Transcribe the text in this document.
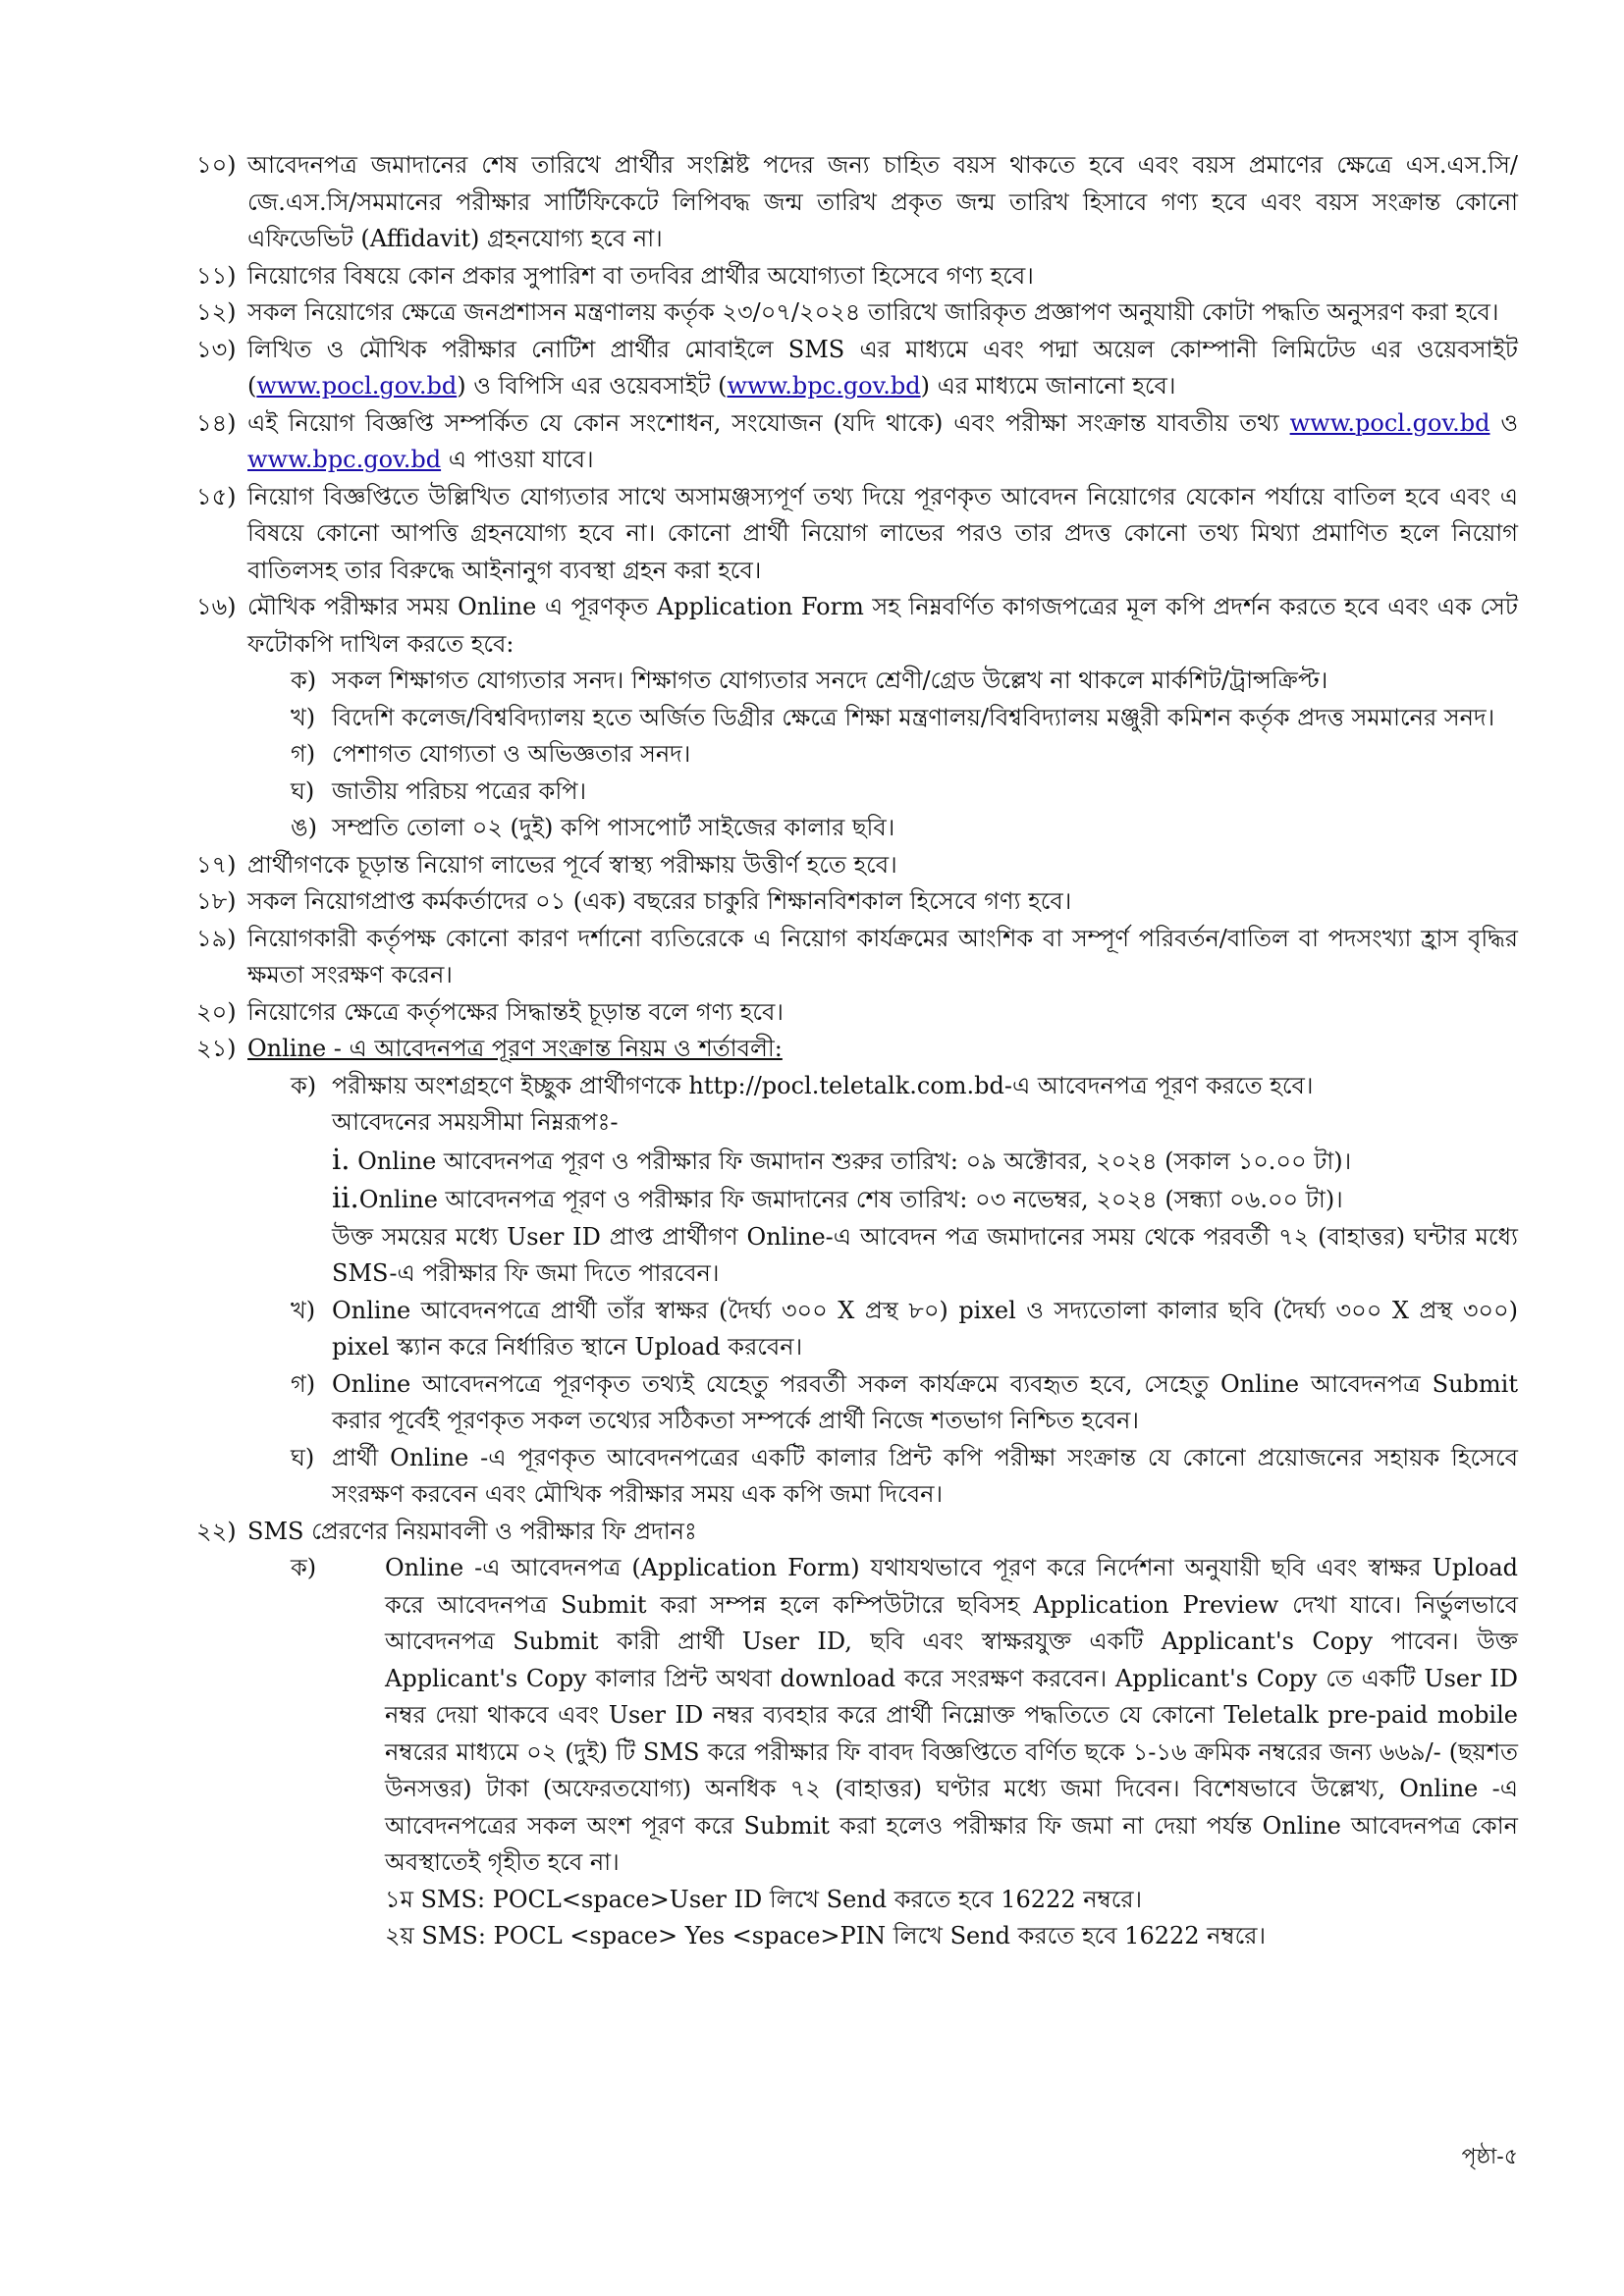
১০) আবেদনপত্র জমাদানের শেষ তারিখে প্রার্থীর সংশ্লিষ্ট পদের জন্য চাহিত বয়স থাকতে হবে এবং বয়স প্রমাণের ক্ষেত্রে এস.এস.সি/জে.এস.সি/সমমানের পরীক্ষার সার্টিফিকেটে লিপিবদ্ধ জন্ম তারিখ প্রকৃত জন্ম তারিখ হিসাবে গণ্য হবে এবং বয়স সংক্রান্ত কোনো এফিডেভিট (Affidavit) গ্রহনযোগ্য হবে না।
১১) নিয়োগের বিষয়ে কোন প্রকার সুপারিশ বা তদবির প্রার্থীর অযোগ্যতা হিসেবে গণ্য হবে।
১২) সকল নিয়োগের ক্ষেত্রে জনপ্রশাসন মন্ত্রণালয় কর্তৃক ২৩/০৭/২০২৪ তারিখে জারিকৃত প্রজ্ঞাপণ অনুযায়ী কোটা পদ্ধতি অনুসরণ করা হবে।
১৩) লিখিত ও মৌখিক পরীক্ষার নোটিশ প্রার্থীর মোবাইলে SMS এর মাধ্যমে এবং পদ্মা অয়েল কোম্পানী লিমিটেড এর ওয়েবসাইট (www.pocl.gov.bd) ও বিপিসি এর ওয়েবসাইট (www.bpc.gov.bd) এর মাধ্যমে জানানো হবে।
১৪) এই নিয়োগ বিজ্ঞপ্তি সম্পর্কিত যে কোন সংশোধন, সংযোজন (যদি থাকে) এবং পরীক্ষা সংক্রান্ত যাবতীয় তথ্য www.pocl.gov.bd ও www.bpc.gov.bd এ পাওয়া যাবে।
১৫) নিয়োগ বিজ্ঞপ্তিতে উল্লিখিত যোগ্যতার সাথে অসামঞ্জস্যপূর্ণ তথ্য দিয়ে পূরণকৃত আবেদন নিয়োগের যেকোন পর্যায়ে বাতিল হবে এবং এ বিষয়ে কোনো আপত্তি গ্রহনযোগ্য হবে না। কোনো প্রার্থী নিয়োগ লাভের পরও তার প্রদত্ত কোনো তথ্য মিথ্যা প্রমাণিত হলে নিয়োগ বাতিলসহ তার বিরুদ্ধে আইনানুগ ব্যবস্থা গ্রহন করা হবে।
১৬) মৌখিক পরীক্ষার সময় Online এ পূরণকৃত Application Form সহ নিম্নবর্ণিত কাগজপত্রের মূল কপি প্রদর্শন করতে হবে এবং এক সেট ফটোকপি দাখিল করতে হবে:
ক) সকল শিক্ষাগত যোগ্যতার সনদ। শিক্ষাগত যোগ্যতার সনদে শ্রেণী/গ্রেড উল্লেখ না থাকলে মার্কশিট/ট্রান্সক্রিপ্ট।
খ) বিদেশি কলেজ/বিশ্ববিদ্যালয় হতে অর্জিত ডিগ্রীর ক্ষেত্রে শিক্ষা মন্ত্রণালয়/বিশ্ববিদ্যালয় মঞ্জুরী কমিশন কর্তৃক প্রদত্ত সমমানের সনদ।
গ) পেশাগত যোগ্যতা ও অভিজ্ঞতার সনদ।
ঘ) জাতীয় পরিচয় পত্রের কপি।
ঙ) সম্প্রতি তোলা ০২ (দুই) কপি পাসপোর্ট সাইজের কালার ছবি।
১৭) প্রার্থীগণকে চূড়ান্ত নিয়োগ লাভের পূর্বে স্বাস্থ্য পরীক্ষায় উত্তীর্ণ হতে হবে।
১৮) সকল নিয়োগপ্রাপ্ত কর্মকর্তাদের ০১ (এক) বছরের চাকুরি শিক্ষানবিশকাল হিসেবে গণ্য হবে।
১৯) নিয়োগকারী কর্তৃপক্ষ কোনো কারণ দর্শানো ব্যতিরেকে এ নিয়োগ কার্যক্রমের আংশিক বা সম্পূর্ণ পরিবর্তন/বাতিল বা পদসংখ্যা হ্রাস বৃদ্ধির ক্ষমতা সংরক্ষণ করেন।
২০) নিয়োগের ক্ষেত্রে কর্তৃপক্ষের সিদ্ধান্তই চূড়ান্ত বলে গণ্য হবে।
২১) Online - এ আবেদনপত্র পূরণ সংক্রান্ত নিয়ম ও শর্তাবলী:
ক) পরীক্ষায় অংশগ্রহণে ইচ্ছুক প্রার্থীগণকে http://pocl.teletalk.com.bd-এ আবেদনপত্র পূরণ করতে হবে।

আবেদনের সময়সীমা নিম্নরূপঃ-

i. Online আবেদনপত্র পূরণ ও পরীক্ষার ফি জমাদান শুরুর তারিখ: ০৯ অক্টোবর, ২০২৪ (সকাল ১০.০০ টা)।

ii.Online আবেদনপত্র পূরণ ও পরীক্ষার ফি জমাদানের শেষ তারিখ: ০৩ নভেম্বর, ২০২৪ (সন্ধ্যা ০৬.০০ টা)।

উক্ত সময়ের মধ্যে User ID প্রাপ্ত প্রার্থীগণ Online-এ আবেদন পত্র জমাদানের সময় থেকে পরবর্তী ৭২ (বাহাত্তর) ঘন্টার মধ্যে SMS-এ পরীক্ষার ফি জমা দিতে পারবেন।

খ) Online আবেদনপত্রে প্রার্থী তাঁর স্বাক্ষর (দৈর্ঘ্য ৩০০ X প্রস্থ ৮০) pixel ও সদ্যতোলা কালার ছবি (দৈর্ঘ্য ৩০০ X প্রস্থ ৩০০) pixel স্ক্যান করে নির্ধারিত স্থানে Upload করবেন।
গ) Online আবেদনপত্রে পূরণকৃত তথ্যই যেহেতু পরবর্তী সকল কার্যক্রমে ব্যবহৃত হবে, সেহেতু Online আবেদনপত্র Submit করার পূর্বেই পূরণকৃত সকল তথ্যের সঠিকতা সম্পর্কে প্রার্থী নিজে শতভাগ নিশ্চিত হবেন।
ঘ) প্রার্থী Online -এ পূরণকৃত আবেদনপত্রের একটি কালার প্রিন্ট কপি পরীক্ষা সংক্রান্ত যে কোনো প্রয়োজনের সহায়ক হিসেবে সংরক্ষণ করবেন এবং মৌখিক পরীক্ষার সময় এক কপি জমা দিবেন।
২২) SMS প্রেরণের নিয়মাবলী ও পরীক্ষার ফি প্রদানঃ
ক)	Online -এ আবেদনপত্র (Application Form) যথাযথভাবে পূরণ করে নির্দেশনা অনুযায়ী ছবি এবং স্বাক্ষর Upload করে আবেদনপত্র Submit করা সম্পন্ন হলে কম্পিউটারে ছবিসহ Application Preview দেখা যাবে। নির্ভুলভাবে আবেদনপত্র Submit কারী প্রার্থী User ID, ছবি এবং স্বাক্ষরযুক্ত একটি Applicant's Copy পাবেন। উক্ত Applicant's Copy কালার প্রিন্ট অথবা download করে সংরক্ষণ করবেন। Applicant's Copy তে একটি User ID নম্বর দেয়া থাকবে এবং User ID নম্বর ব্যবহার করে প্রার্থী নিম্নোক্ত পদ্ধতিতে যে কোনো Teletalk pre-paid mobile নম্বরের মাধ্যমে ০২ (দুই) টি SMS করে পরীক্ষার ফি বাবদ বিজ্ঞপ্তিতে বর্ণিত ছকে ১-১৬ ক্রমিক নম্বরের জন্য ৬৬৯/- (ছয়শত উনসত্তর) টাকা (অফেরতযোগ্য) অনধিক ৭২ (বাহাত্তর) ঘণ্টার মধ্যে জমা দিবেন। বিশেষভাবে উল্লেখ্য, Online -এ আবেদনপত্রের সকল অংশ পূরণ করে Submit করা হলেও পরীক্ষার ফি জমা না দেয়া পর্যন্ত Online আবেদনপত্র কোন অবস্থাতেই গৃহীত হবে না।

১ম SMS: POCL<space>User ID লিখে Send করতে হবে 16222 নম্বরে।

২য় SMS: POCL <space> Yes <space>PIN লিখে Send করতে হবে 16222 নম্বরে।

পৃষ্ঠা-৫
